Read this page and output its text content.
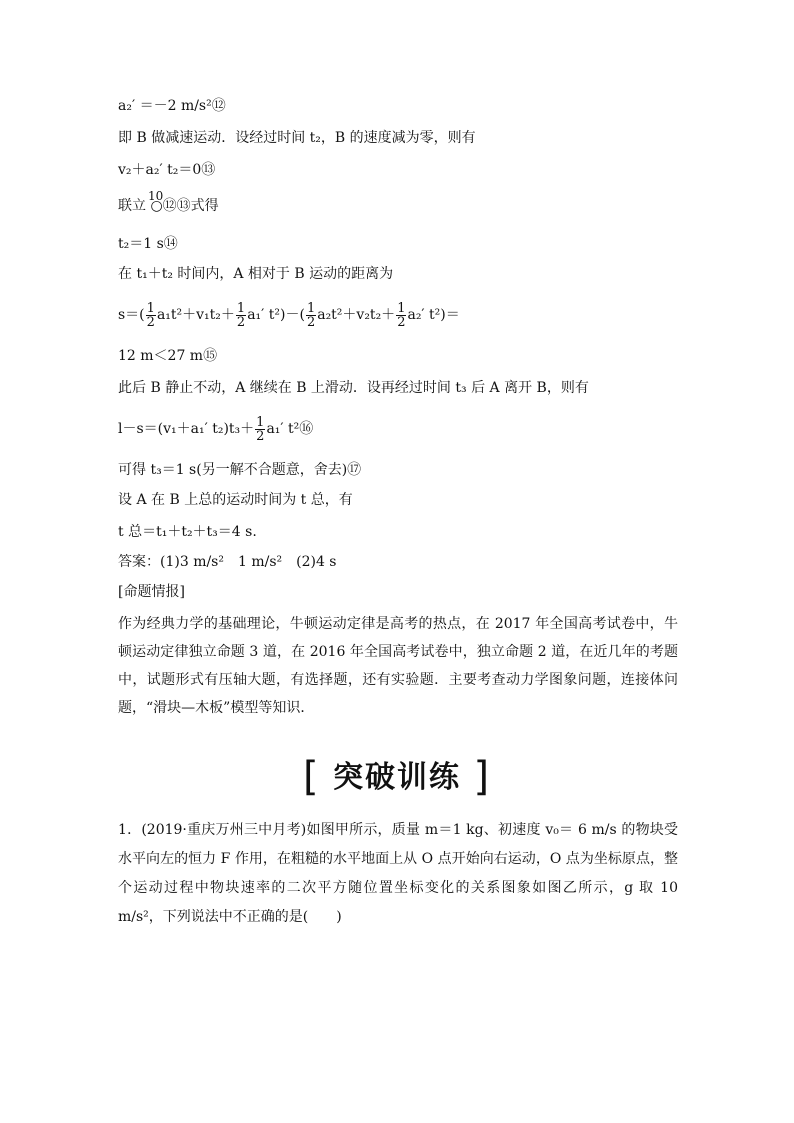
a₂′ ＝－2 m/s²⑫
即 B 做减速运动．设经过时间 t₂，B 的速度减为零，则有
v₂＋a₂′ t₂＝0⑬
联立
10
○⑫⑬式得
t₂＝1 s⑭
在 t₁＋t₂ 时间内，A 相对于 B 运动的距离为
$s=( \frac{1}{2} a_1t^2+v_1t_2+ \frac{1}{2} a_1'$ $t^2)-( \frac{1}{2} a_2t^2+v_2t_2+ \frac{1}{2} a_2'$ t²)＝
12 m＜27 m⑮
此后 B 静止不动，A 继续在 B 上滑动．设再经过时间 t₃ 后 A 离开 B，则有
l－s＝(v₁＋a₁′ $t_2)t_3+ \frac{1}{2} a_1'$ t²⑯
可得 t₃＝1 s(另一解不合题意，舍去)⑰
设 A 在 B 上总的运动时间为 t 总，有
t 总＝t₁＋t₂＋t₃＝4 s.
答案：(1)3 m/s²　1 m/s²　(2)4 s
[命题情报]
作为经典力学的基础理论，牛顿运动定律是高考的热点，在 2017 年全国高考试卷中，牛顿运动定律独立命题 3 道，在 2016 年全国高考试卷中，独立命题 2 道，在近几年的考题中，试题形式有压轴大题，有选择题，还有实验题．主要考查动力学图象问题，连接体问题，“滑块—木板”模型等知识．
[ 突破训练 ]
1．(2019·重庆万州三中月考)如图甲所示，质量 m＝1 kg、初速度 v₀＝ 6 m/s 的物块受水平向左的恒力 F 作用，在粗糙的水平地面上从 O 点开始向右运动，O 点为坐标原点，整个运动过程中物块速率的二次平方随位置坐标变化的关系图象如图乙所示，g 取 10 m/s²，下列说法中不正确的是(　　)
